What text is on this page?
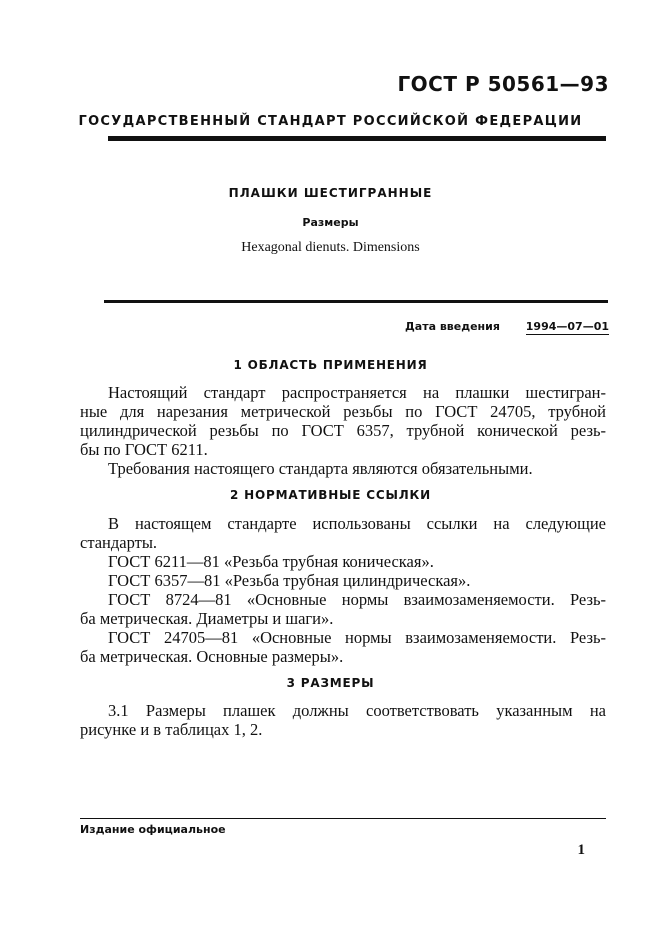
ГОСТ Р 50561—93
ГОСУДАРСТВЕННЫЙ СТАНДАРТ РОССИЙСКОЙ ФЕДЕРАЦИИ
ПЛАШКИ ШЕСТИГРАННЫЕ
Размеры
Hexagonal dienuts. Dimensions
Дата введения 1994—07—01
1 ОБЛАСТЬ ПРИМЕНЕНИЯ
Настоящий стандарт распространяется на плашки шестигран-
ные для нарезания метрической резьбы по ГОСТ 24705, трубной
цилиндрической резьбы по ГОСТ 6357, трубной конической резь-
бы по ГОСТ 6211.
Требования настоящего стандарта являются обязательными.
2 НОРМАТИВНЫЕ ССЫЛКИ
В настоящем стандарте использованы ссылки на следующие
стандарты.
ГОСТ 6211—81 «Резьба трубная коническая».
ГОСТ 6357—81 «Резьба трубная цилиндрическая».
ГОСТ 8724—81 «Основные нормы взаимозаменяемости. Резь-
ба метрическая. Диаметры и шаги».
ГОСТ 24705—81 «Основные нормы взаимозаменяемости. Резь-
ба метрическая. Основные размеры».
3 РАЗМЕРЫ
3.1 Размеры плашек должны соответствовать указанным на
рисунке и в таблицах 1, 2.
Издание официальное
1
